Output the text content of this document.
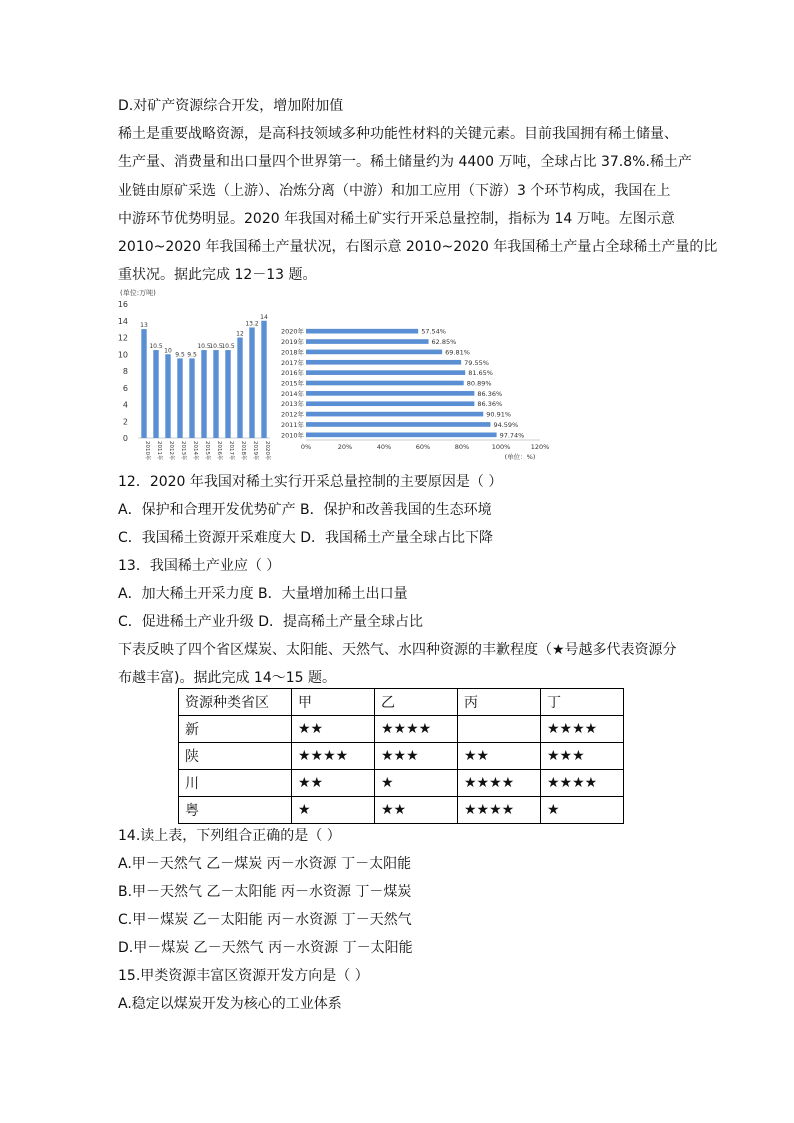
D.对矿产资源综合开发，增加附加值
稀土是重要战略资源，是高科技领域多种功能性材料的关键元素。目前我国拥有稀土储量、
生产量、消费量和出口量四个世界第一。稀土储量约为 4400 万吨，全球占比 37.8%.稀土产
业链由原矿采选（上游）、冶炼分离（中游）和加工应用（下游）3 个环节构成，我国在上
中游环节优势明显。2020 年我国对稀土矿实行开采总量控制，指标为 14 万吨。左图示意
2010~2020 年我国稀土产量状况，右图示意 2010~2020 年我国稀土产量占全球稀土产量的比
重状况。据此完成 12－13 题。
(单位:万吨)
0
2
4
6
8
10
12
14
16
13
2010年
10.5
2011年
10
2012年
9.5
2013年
9.5
2014年
10.5
2015年
10.5
2016年
10.5
2017年
12
2018年
13.2
2019年
14
2020年
2020年	57.54%
2019年	62.85%
2018年	69.81%
2017年	79.55%
2016年	81.65%
2015年	80.89%
2014年	86.36%
2013年	86.36%
2012年	90.91%
2011年	94.59%
2010年	97.74%
0%	20%	40%	60%	80%	100%	120%
(单位：%)
12．2020 年我国对稀土实行开采总量控制的主要原因是（ ）
A．保护和合理开发优势矿产 B．保护和改善我国的生态环境
C．我国稀土资源开采难度大 D．我国稀土产量全球占比下降
13．我国稀土产业应（ ）
A．加大稀土开采力度 B．大量增加稀土出口量
C．促进稀土产业升级 D．提高稀土产量全球占比
下表反映了四个省区煤炭、太阳能、天然气、水四种资源的丰歉程度（★号越多代表资源分
布越丰富)。据此完成 14～15 题。
资源种类省区	甲	乙	丙	丁
新	★★	★★★★		★★★★
陕	★★★★	★★★	★★	★★★
川	★★	★	★★★★	★★★★
粤	★	★★	★★★★	★
14.读上表，下列组合正确的是（ ）
A.甲－天然气 乙－煤炭 丙－水资源 丁－太阳能
B.甲－天然气 乙－太阳能 丙－水资源 丁－煤炭
C.甲－煤炭 乙－太阳能 丙－水资源 丁－天然气
D.甲－煤炭 乙－天然气 丙－水资源 丁－太阳能
15.甲类资源丰富区资源开发方向是（ ）
A.稳定以煤炭开发为核心的工业体系
